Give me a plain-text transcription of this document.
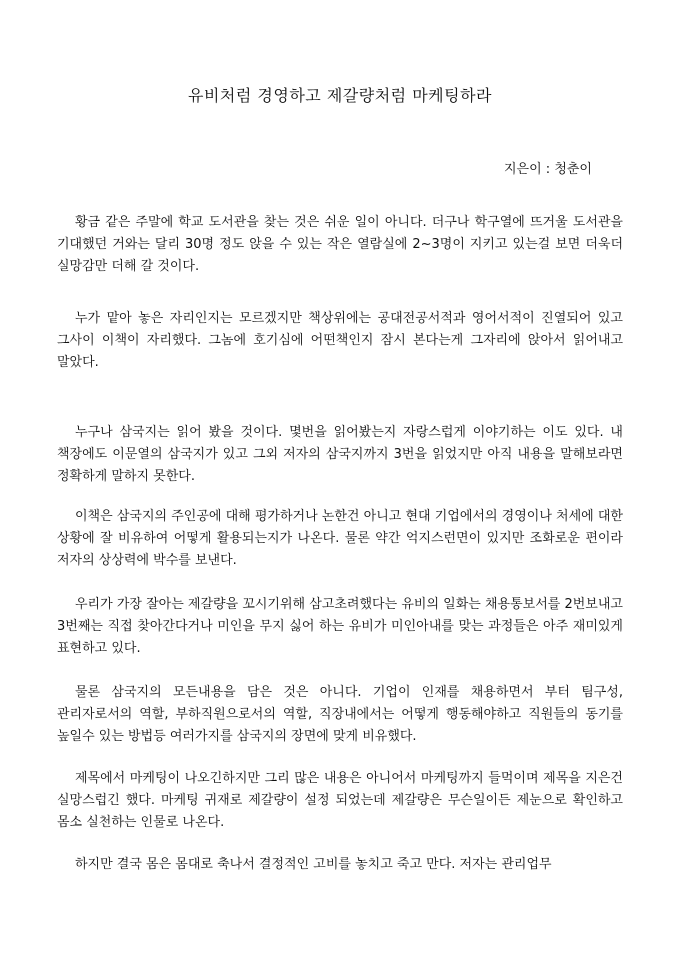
유비처럼 경영하고 제갈량처럼 마케팅하라

지은이 : 청춘이

황금 같은 주말에 학교 도서관을 찾는 것은 쉬운 일이 아니다. 더구나 학구열에 뜨거울 도서관을 기대했던 거와는 달리 30명 정도 앉을 수 있는 작은 열람실에 2~3명이 지키고 있는걸 보면 더욱더 실망감만 더해 갈 것이다.

누가 맡아 놓은 자리인지는 모르겠지만 책상위에는 공대전공서적과 영어서적이 진열되어 있고 그사이 이책이 자리했다. 그놈에 호기심에 어떤책인지 잠시 본다는게 그자리에 앉아서 읽어내고 말았다.

누구나 삼국지는 읽어 봤을 것이다. 몇번을 읽어봤는지 자랑스럽게 이야기하는 이도 있다. 내 책장에도 이문열의 삼국지가 있고 그외 저자의 삼국지까지 3번을 읽었지만 아직 내용을 말해보라면 정확하게 말하지 못한다.

이책은 삼국지의 주인공에 대해 평가하거나 논한건 아니고 현대 기업에서의 경영이나 처세에 대한 상황에 잘 비유하여 어떻게 활용되는지가 나온다. 물론 약간 억지스런면이 있지만 조화로운 편이라 저자의 상상력에 박수를 보낸다.

우리가 가장 잘아는 제갈량을 꼬시기위해 삼고초려했다는 유비의 일화는 채용통보서를 2번보내고 3번째는 직접 찾아간다거나 미인을 무지 싫어 하는 유비가 미인아내를 맞는 과정들은 아주 재미있게 표현하고 있다.

물론 삼국지의 모든내용을 담은 것은 아니다. 기업이 인재를 채용하면서 부터 팀구성, 관리자로서의 역할, 부하직원으로서의 역할, 직장내에서는 어떻게 행동해야하고 직원들의 동기를 높일수 있는 방법등 여러가지를 삼국지의 장면에 맞게 비유했다.

제목에서 마케팅이 나오긴하지만 그리 많은 내용은 아니어서 마케팅까지 들먹이며 제목을 지은건 실망스럽긴 했다. 마케팅 귀재로 제갈량이 설정 되었는데 제갈량은 무슨일이든 제눈으로 확인하고 몸소 실천하는 인물로 나온다.

하지만 결국 몸은 몸대로 축나서 결정적인 고비를 놓치고 죽고 만다. 저자는 관리업무
